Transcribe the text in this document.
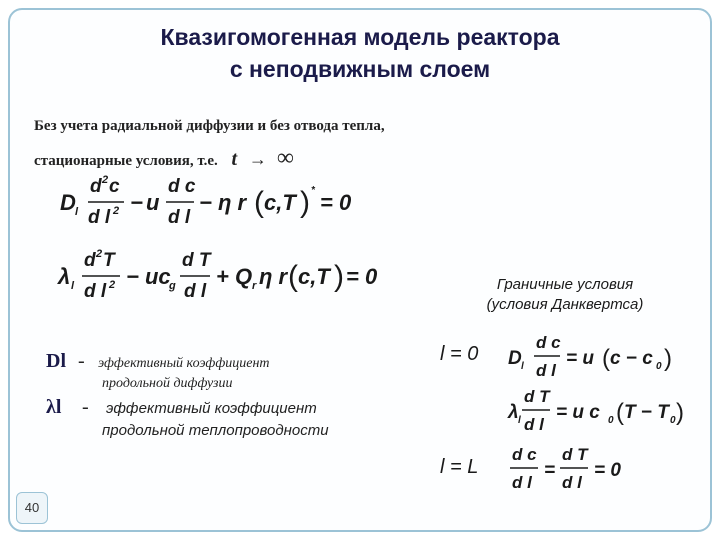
Квазигомогенная модель реактора
с неподвижным слоем
Без учета радиальной диффузии и без отвода тепла,
стационарные условия, т.е. t → ∞
D l
d 2 c
d l 2 − u
d c
d l
− η r ( c,T ) * = 0
λ l
d 2 T
d l 2 − uc
g
d T
d l
+ Q r η r ( c,T ) = 0	Граничные условия
(условия Данквертса)
Dl - эффективный коэффициент
продольной диффузии
λl - эффективный коэффициент
продольной теплопроводности
l = 0
l = L
D l
d c
d l
= u ( c − c 0 )
λ l
d T
d l
= u c 0 ( T − T 0 )
d c
d l
=
d T
d l
= 0
40
